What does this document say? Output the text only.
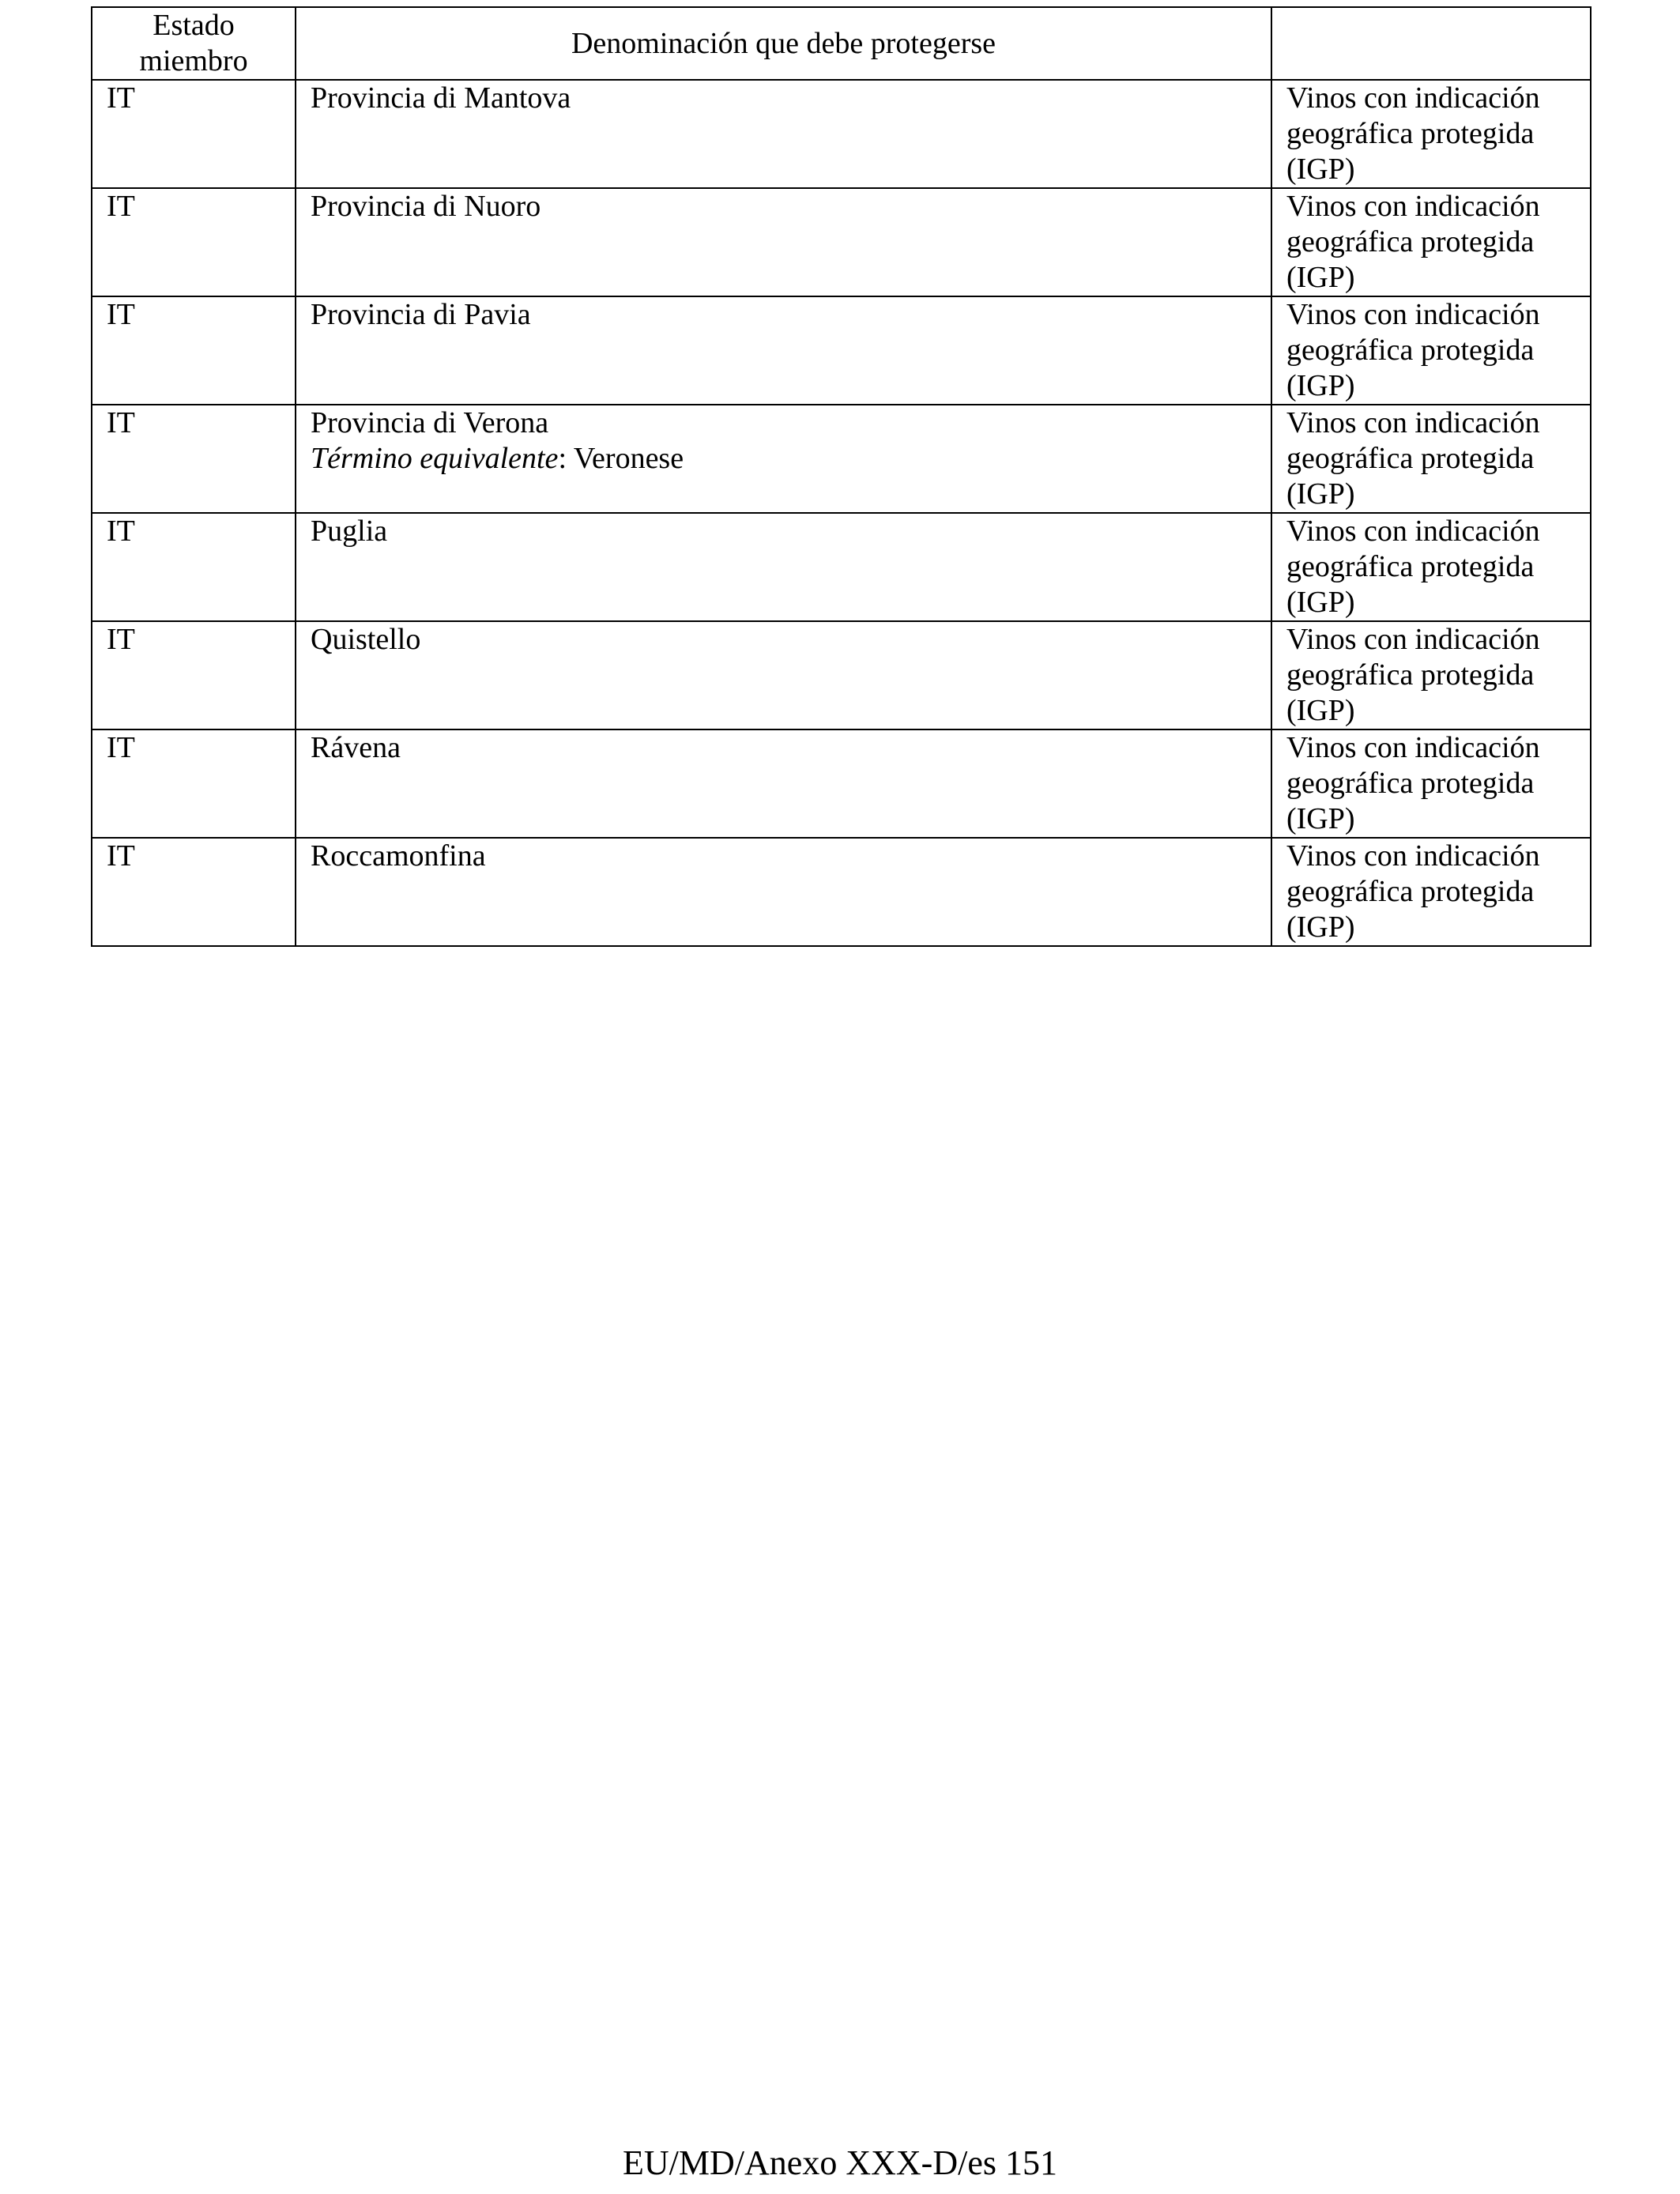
Estado
miembro	Denominación que debe protegerse	
IT	Provincia di Mantova	Vinos con indicación
geográfica protegida
(IGP)

IT	Provincia di Nuoro	Vinos con indicación
geográfica protegida
(IGP)

IT	Provincia di Pavia	Vinos con indicación
geográfica protegida
(IGP)

IT	Provincia di Verona
Término equivalente: Veronese	Vinos con indicación
geográfica protegida
(IGP)

IT	Puglia	Vinos con indicación
geográfica protegida
(IGP)

IT	Quistello	Vinos con indicación
geográfica protegida
(IGP)

IT	Rávena	Vinos con indicación
geográfica protegida
(IGP)

IT	Roccamonfina	Vinos con indicación
geográfica protegida
(IGP)
EU/MD/Anexo XXX-D/es 151
